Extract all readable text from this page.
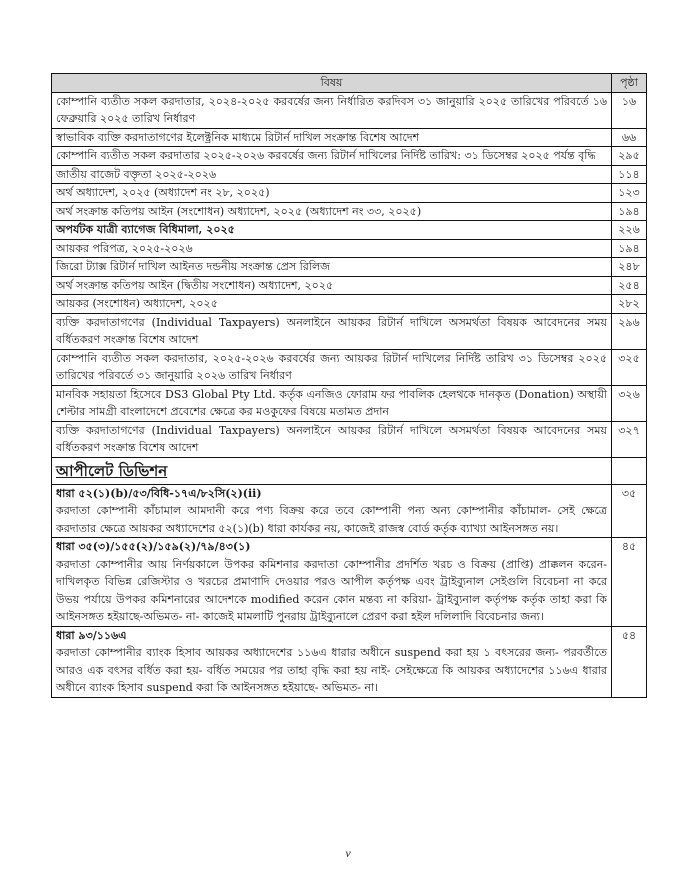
বিষয়	পৃষ্ঠা
কোম্পানি ব্যতীত সকল করদাতার, ২০২৪-২০২৫ করবর্ষের জন্য নির্ধারিত করদিবস ৩১ জানুয়ারি ২০২৫ তারিখের পরিবর্তে ১৬ ফেব্রুয়ারি ২০২৫ তারিখ নির্ধারণ	১৬
স্বাভাবিক ব্যক্তি করদাতাগণের ইলেক্ট্রনিক মাধ্যমে রিটার্ন দাখিল সংক্রান্ত বিশেষ আদেশ	৬৬
কোম্পানি ব্যতীত সকল করদাতার ২০২৫-২০২৬ করবর্ষের জন্য রিটার্ন দাখিলের নির্দিষ্ট তারিখ: ৩১ ডিসেম্বর ২০২৫ পর্যন্ত বৃদ্ধি	২৯৫
জাতীয় বাজেট বক্তৃতা ২০২৫-২০২৬	১১৪
অর্থ অধ্যাদেশ, ২০২৫ (অধ্যাদেশ নং ২৮, ২০২৫)	১২৩
অর্থ সংক্রান্ত কতিপয় আইন (সংশোধন) অধ্যাদেশ, ২০২৫ (অধ্যাদেশ নং ৩৩, ২০২৫)	১৯৪
অপর্যটক যাত্রী ব্যাগেজ বিধিমালা, ২০২৫	২২৬
আয়কর পরিপত্র, ২০২৫-২০২৬	১৯৪
জিরো ট্যাক্স রিটার্ন দাখিল আইনত দন্ডনীয় সংক্রান্ত প্রেস রিলিজ	২৪৮
অর্থ সংক্রান্ত কতিপয় আইন (দ্বিতীয় সংশোধন) অধ্যাদেশ, ২০২৫	২৫৪
আয়কর (সংশোধন) অধ্যাদেশ, ২০২৫	২৮২
ব্যক্তি করদাতাগণের (Individual Taxpayers) অনলাইনে আয়কর রিটার্ন দাখিলে অসমর্থতা বিষয়ক আবেদনের সময় বর্ধিতকরণ সংক্রান্ত বিশেষ আদেশ	২৯৬
কোম্পানি ব্যতীত সকল করদাতার, ২০২৫-২০২৬ করবর্ষের জন্য আয়কর রিটার্ন দাখিলের নির্দিষ্ট তারিখ ৩১ ডিসেম্বর ২০২৫ তারিখের পরিবর্তে ৩১ জানুয়ারি ২০২৬ তারিখ নির্ধারণ	৩২৫
মানবিক সহায়তা হিসেবে DS3 Global Pty Ltd. কর্তৃক এনজিও ফোরাম ফর পাবলিক হেলথকে দানকৃত (Donation) অস্থায়ী শেল্টার সামগ্রী বাংলাদেশে প্রবেশের ক্ষেত্রে কর মওকুফের বিষয়ে মতামত প্রদান	৩২৬
ব্যক্তি করদাতাগণের (Individual Taxpayers) অনলাইনে আয়কর রিটার্ন দাখিলে অসমর্থতা বিষয়ক আবেদনের সময় বর্ধিতকরণ সংক্রান্ত বিশেষ আদেশ	৩২৭
আপীলেট ডিভিশন	

ধারা ৫২(১)(b)/৫৩/বিধি-১৭এ/৮২সি(২)(ii)
করদাতা কোম্পানী কাঁচামাল আমদানী করে পণ্য বিক্রয় করে তবে কোম্পানী পন্য অন্য কোম্পানীর কাঁচামাল- সেই ক্ষেত্রে করদাতার ক্ষেত্রে আয়কর অধ্যাদেশের ৫২(১)(b) ধারা কার্যকর নয়, কাজেই রাজস্ব বোর্ড কর্তৃক ব্যাখ্যা আইনসঙ্গত নয়।	৩৫

ধারা ৩৫(৩)/১৫৫(২)/১৫৯(২)/৭৯/৪৩(১)
করদাতা কোম্পানীর আয় নির্ণয়কালে উপকর কমিশনার করদাতা কোম্পানীর প্রদর্শিত খরচ ও বিক্রয় (প্রাপ্তি) প্রাক্কলন করেন- দাখিলকৃত বিভিন্ন রেজিস্টার ও খরচের প্রমাণাদি দেওয়ার পরও আপীল কর্তৃপক্ষ এবং ট্রাইব্যুনাল সেইগুলি বিবেচনা না করে উভয় পর্যায়ে উপকর কমিশনারের আদেশকে modified করেন কোন মন্তব্য না করিয়া- ট্রাইব্যুনাল কর্তৃপক্ষ কর্তৃক তাহা করা কি আইনসঙ্গত হইয়াছে-অভিমত- না- কাজেই মামলাটি পুনরায় ট্রাইব্যুনালে প্রেরণ করা হইল দলিলাদি বিবেচনার জন্য।	৪৫

ধারা ৯৩/১১৬এ
করদাতা কোম্পানীর ব্যাংক হিসাব আয়কর অধ্যাদেশের ১১৬এ ধারার অধীনে suspend করা হয় ১ বৎসরের জন্য- পরবর্তীতে আরও এক বৎসর বর্ধিত করা হয়- বর্ধিত সময়ের পর তাহা বৃদ্ধি করা হয় নাই- সেইক্ষেত্রে কি আয়কর অধ্যাদেশের ১১৬এ ধারার অধীনে ব্যাংক হিসাব suspend করা কি আইনসঙ্গত হইয়াছে- অভিমত- না।	৫৪
v
